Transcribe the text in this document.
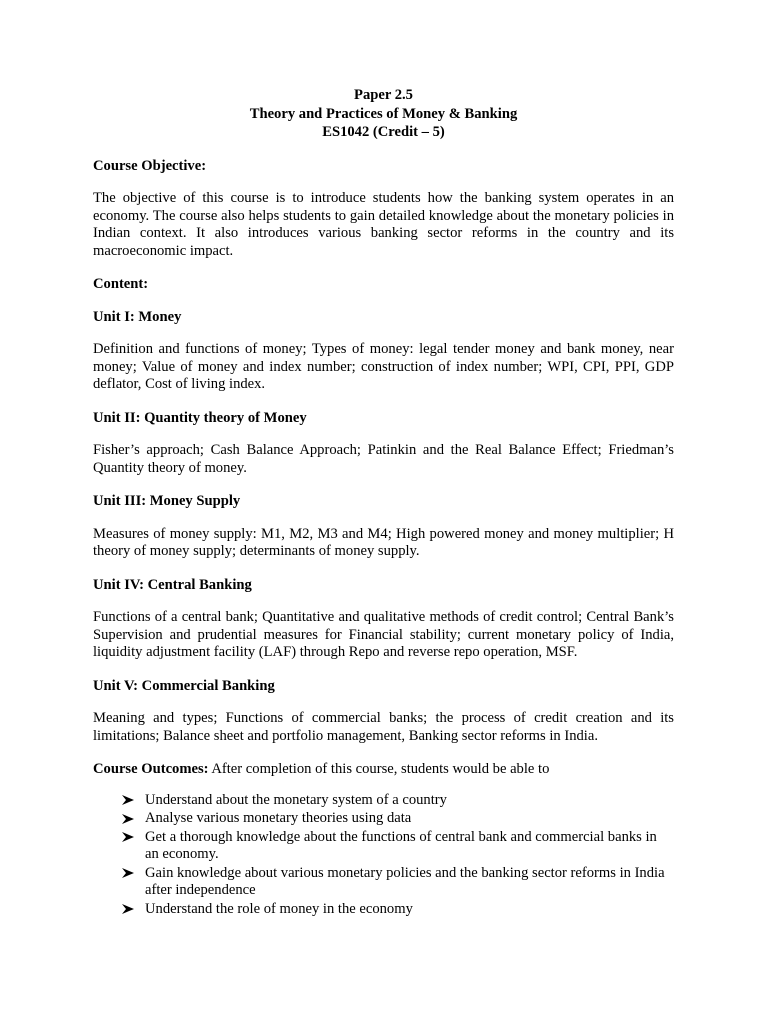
Paper 2.5
Theory and Practices of Money & Banking
ES1042 (Credit – 5)
Course Objective:

The objective of this course is to introduce students how the banking system operates in an economy. The course also helps students to gain detailed knowledge about the monetary policies in Indian context. It also introduces various banking sector reforms in the country and its macroeconomic impact.

Content:
Unit I: Money

Definition and functions of money; Types of money: legal tender money and bank money, near money; Value of money and index number; construction of index number; WPI, CPI, PPI, GDP deflator, Cost of living index.

Unit II: Quantity theory of Money

Fisher’s approach; Cash Balance Approach; Patinkin and the Real Balance Effect; Friedman’s Quantity theory of money.

Unit III: Money Supply

Measures of money supply: M1, M2, M3 and M4; High powered money and money multiplier; H theory of money supply; determinants of money supply.

Unit IV: Central Banking

Functions of a central bank; Quantitative and qualitative methods of credit control; Central Bank’s Supervision and prudential measures for Financial stability; current monetary policy of India, liquidity adjustment facility (LAF) through Repo and reverse repo operation, MSF.

Unit V: Commercial Banking

Meaning and types; Functions of commercial banks; the process of credit creation and its limitations; Balance sheet and portfolio management, Banking sector reforms in India.

Course Outcomes: After completion of this course, students would be able to
Understand about the monetary system of a country
Analyse various monetary theories using data
Get a thorough knowledge about the functions of central bank and commercial banks in an economy.
Gain knowledge about various monetary policies and the banking sector reforms in India after independence
Understand the role of money in the economy
